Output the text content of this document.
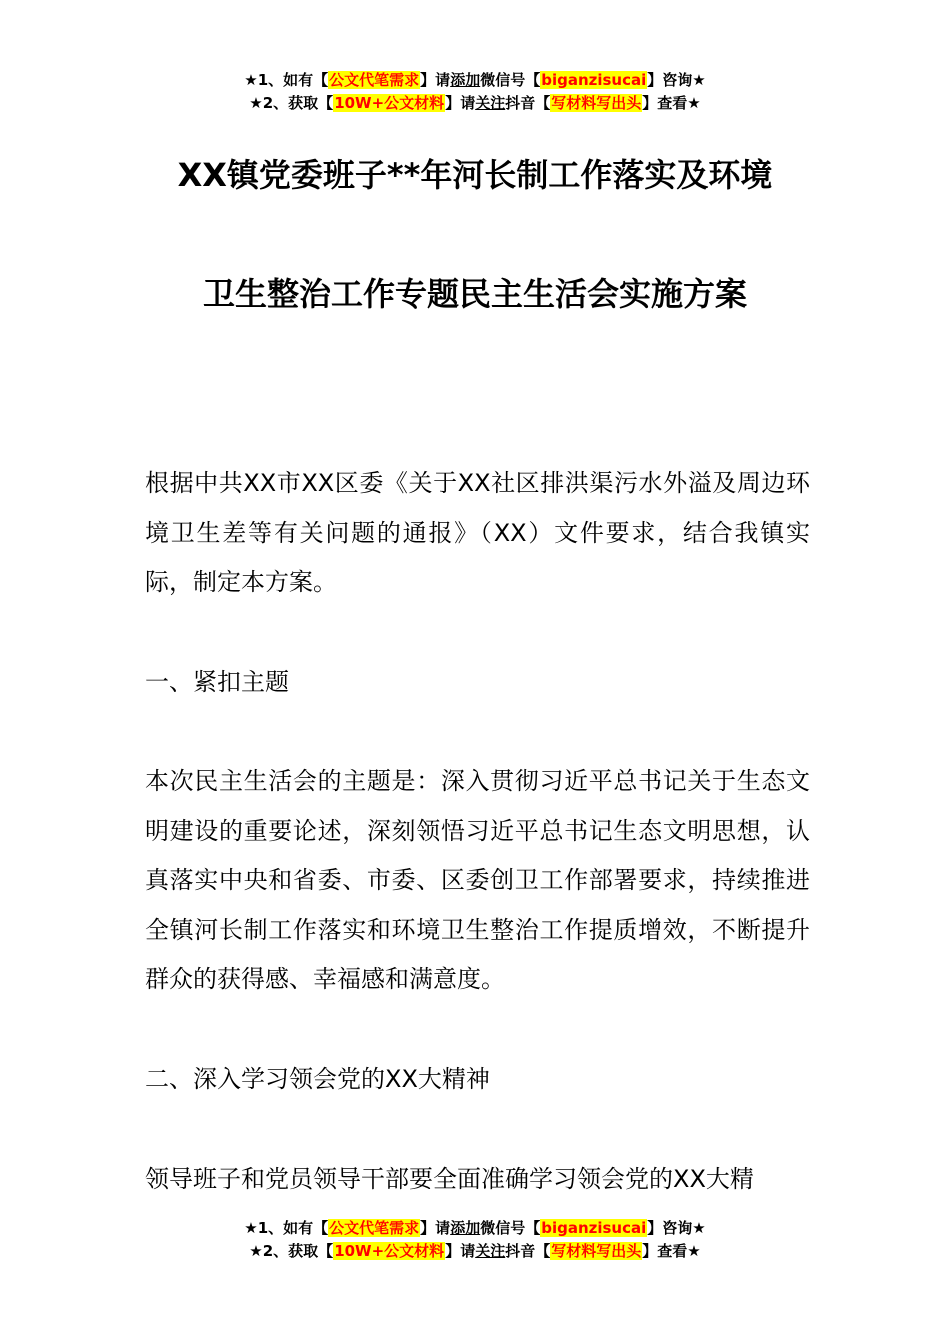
★1、如有【公文代笔需求】请添加微信号【biganzisucai】咨询★
★2、获取【10W+公文材料】请关注抖音【写材料写出头】查看★
XX镇党委班子**年河长制工作落实及环境
卫生整治工作专题民主生活会实施方案

根据中共XX市XX区委《关于XX社区排洪渠污水外溢及周边环境卫生差等有关问题的通报》（XX）文件要求，结合我镇实际，制定本方案。

一、紧扣主题

本次民主生活会的主题是：深入贯彻习近平总书记关于生态文明建设的重要论述，深刻领悟习近平总书记生态文明思想，认真落实中央和省委、市委、区委创卫工作部署要求，持续推进全镇河长制工作落实和环境卫生整治工作提质增效，不断提升群众的获得感、幸福感和满意度。

二、深入学习领会党的XX大精神

领导班子和党员领导干部要全面准确学习领会党的XX大精

★1、如有【公文代笔需求】请添加微信号【biganzisucai】咨询★
★2、获取【10W+公文材料】请关注抖音【写材料写出头】查看★
